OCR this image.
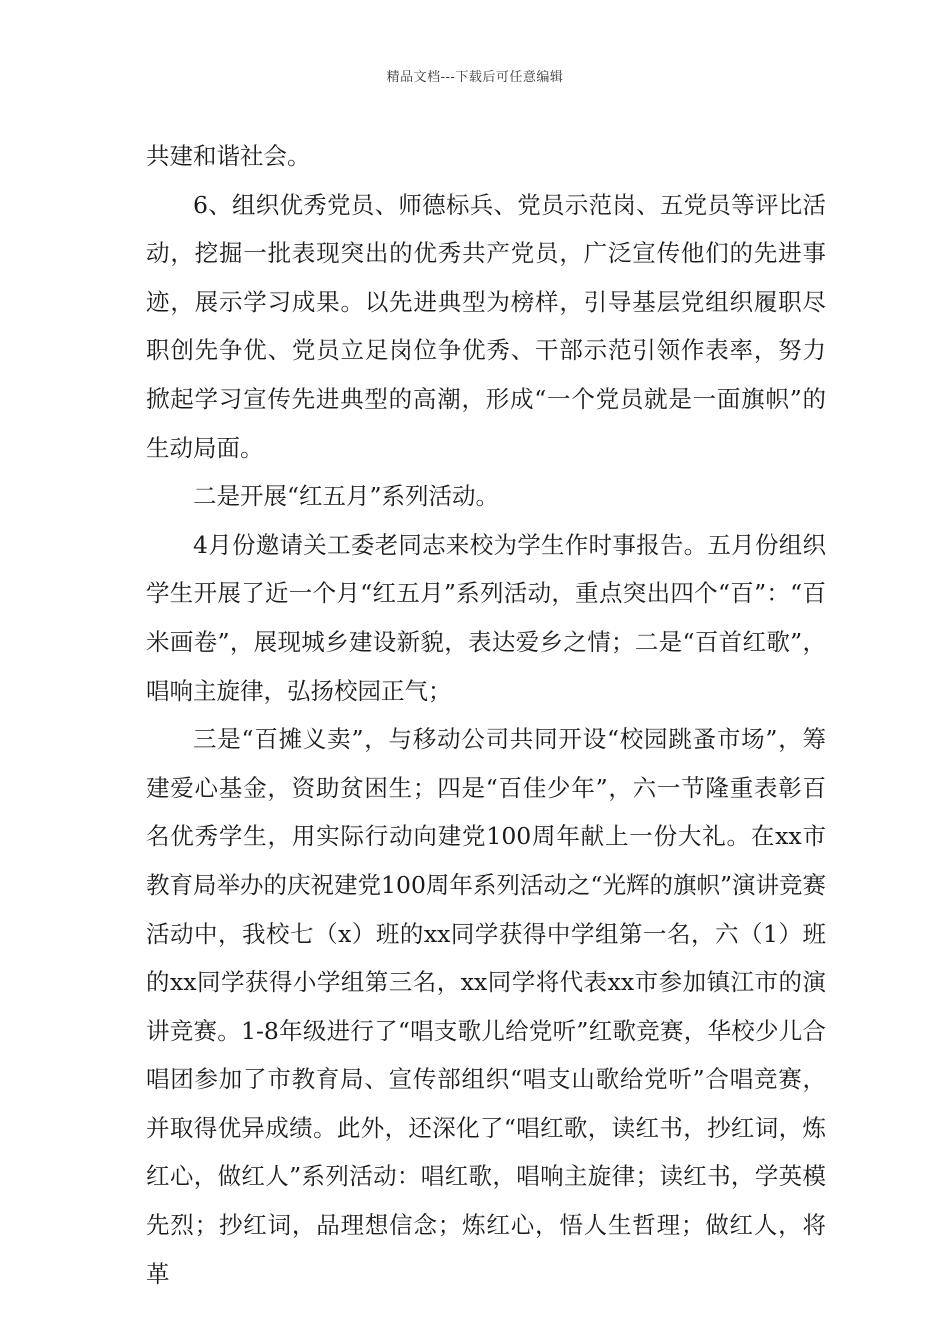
精品文档---下载后可任意编辑

共建和谐社会。

6、组织优秀党员、师德标兵、党员示范岗、五党员等评比活动，挖掘一批表现突出的优秀共产党员，广泛宣传他们的先进事迹，展示学习成果。以先进典型为榜样，引导基层党组织履职尽职创先争优、党员立足岗位争优秀、干部示范引领作表率，努力掀起学习宣传先进典型的高潮，形成“一个党员就是一面旗帜”的生动局面。

二是开展“红五月”系列活动。

4月份邀请关工委老同志来校为学生作时事报告。五月份组织学生开展了近一个月“红五月”系列活动，重点突出四个“百”：“百米画卷”，展现城乡建设新貌，表达爱乡之情；二是“百首红歌”，唱响主旋律，弘扬校园正气；

三是“百摊义卖”，与移动公司共同开设“校园跳蚤市场”，筹建爱心基金，资助贫困生；四是“百佳少年”，六一节隆重表彰百名优秀学生，用实际行动向建党100周年献上一份大礼。在xx市教育局举办的庆祝建党100周年系列活动之“光辉的旗帜”演讲竞赛活动中，我校七（x）班的xx同学获得中学组第一名，六（1）班的xx同学获得小学组第三名，xx同学将代表xx市参加镇江市的演讲竞赛。1-8年级进行了“唱支歌儿给党听”红歌竞赛，华校少儿合唱团参加了市教育局、宣传部组织“唱支山歌给党听”合唱竞赛，并取得优异成绩。此外，还深化了“唱红歌，读红书，抄红词，炼红心，做红人”系列活动：唱红歌，唱响主旋律；读红书，学英模先烈；抄红词，品理想信念；炼红心，悟人生哲理；做红人，将革
